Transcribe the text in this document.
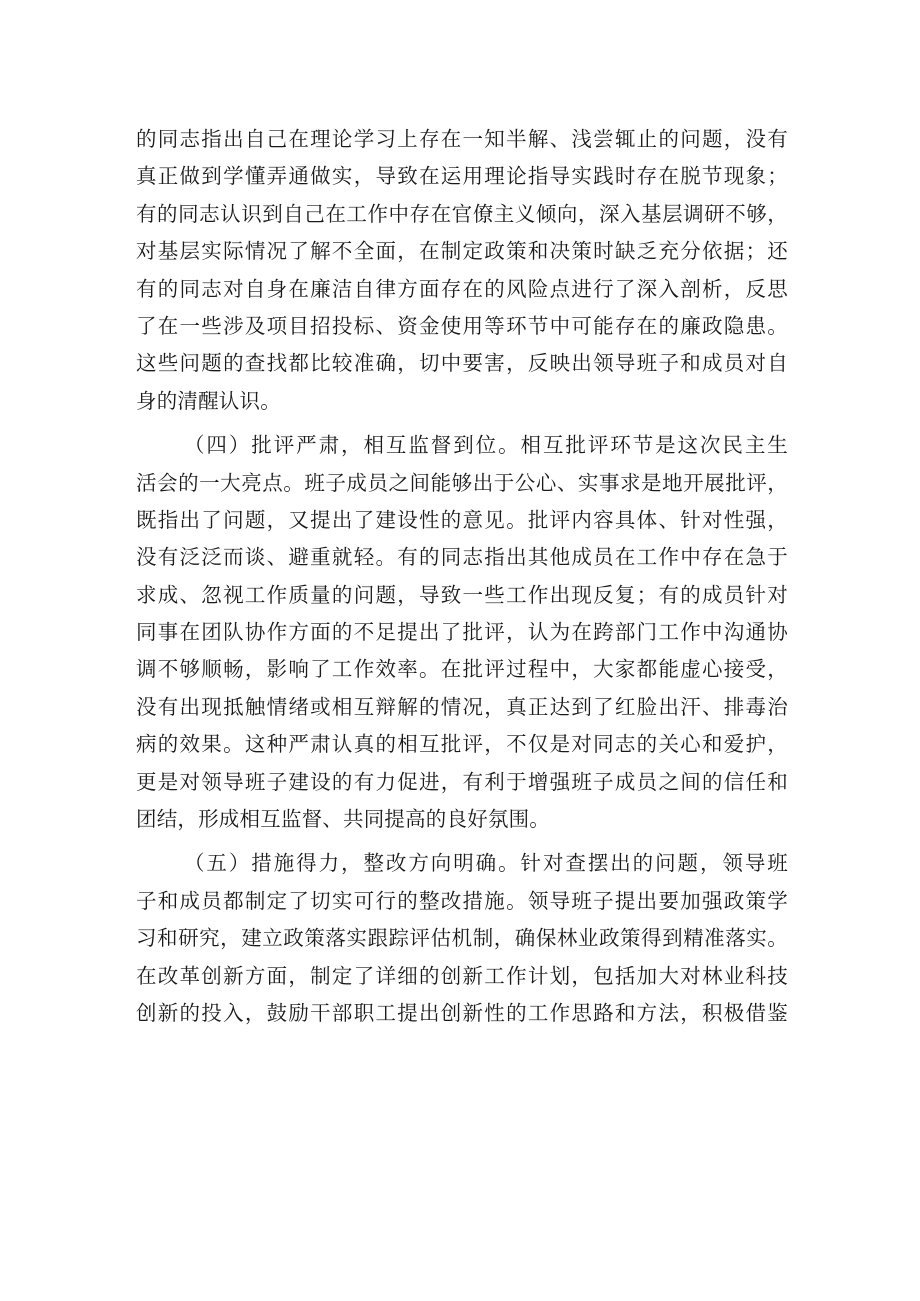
的同志指出自己在理论学习上存在一知半解、浅尝辄止的问题，没有
真正做到学懂弄通做实，导致在运用理论指导实践时存在脱节现象；
有的同志认识到自己在工作中存在官僚主义倾向，深入基层调研不够，
对基层实际情况了解不全面，在制定政策和决策时缺乏充分依据；还
有的同志对自身在廉洁自律方面存在的风险点进行了深入剖析，反思
了在一些涉及项目招投标、资金使用等环节中可能存在的廉政隐患。
这些问题的查找都比较准确，切中要害，反映出领导班子和成员对自
身的清醒认识。
（四）批评严肃，相互监督到位。相互批评环节是这次民主生
活会的一大亮点。班子成员之间能够出于公心、实事求是地开展批评，
既指出了问题，又提出了建设性的意见。批评内容具体、针对性强，
没有泛泛而谈、避重就轻。有的同志指出其他成员在工作中存在急于
求成、忽视工作质量的问题，导致一些工作出现反复；有的成员针对
同事在团队协作方面的不足提出了批评，认为在跨部门工作中沟通协
调不够顺畅，影响了工作效率。在批评过程中，大家都能虚心接受，
没有出现抵触情绪或相互辩解的情况，真正达到了红脸出汗、排毒治
病的效果。这种严肃认真的相互批评，不仅是对同志的关心和爱护，
更是对领导班子建设的有力促进，有利于增强班子成员之间的信任和
团结，形成相互监督、共同提高的良好氛围。
（五）措施得力，整改方向明确。针对查摆出的问题，领导班
子和成员都制定了切实可行的整改措施。领导班子提出要加强政策学
习和研究，建立政策落实跟踪评估机制，确保林业政策得到精准落实。
在改革创新方面，制定了详细的创新工作计划，包括加大对林业科技
创新的投入，鼓励干部职工提出创新性的工作思路和方法，积极借鉴
